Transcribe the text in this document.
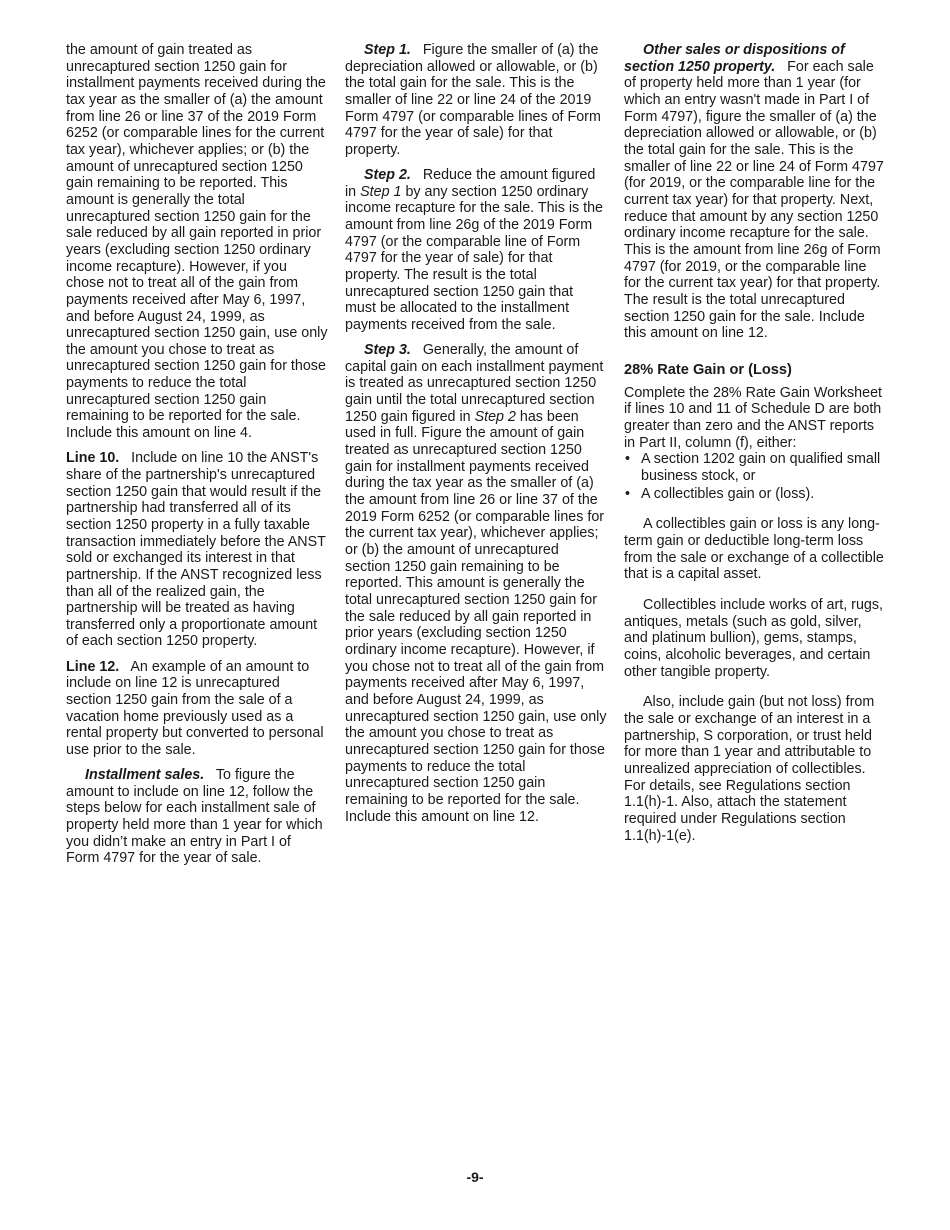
the amount of gain treated as unrecaptured section 1250 gain for installment payments received during the tax year as the smaller of (a) the amount from line 26 or line 37 of the 2019 Form 6252 (or comparable lines for the current tax year), whichever applies; or (b) the amount of unrecaptured section 1250 gain remaining to be reported. This amount is generally the total unrecaptured section 1250 gain for the sale reduced by all gain reported in prior years (excluding section 1250 ordinary income recapture). However, if you chose not to treat all of the gain from payments received after May 6, 1997, and before August 24, 1999, as unrecaptured section 1250 gain, use only the amount you chose to treat as unrecaptured section 1250 gain for those payments to reduce the total unrecaptured section 1250 gain remaining to be reported for the sale. Include this amount on line 4.

Line 10. Include on line 10 the ANST's share of the partnership's unrecaptured section 1250 gain that would result if the partnership had transferred all of its section 1250 property in a fully taxable transaction immediately before the ANST sold or exchanged its interest in that partnership. If the ANST recognized less than all of the realized gain, the partnership will be treated as having transferred only a proportionate amount of each section 1250 property.

Line 12. An example of an amount to include on line 12 is unrecaptured section 1250 gain from the sale of a vacation home previously used as a rental property but converted to personal use prior to the sale.

Installment sales. To figure the amount to include on line 12, follow the steps below for each installment sale of property held more than 1 year for which you didn’t make an entry in Part I of Form 4797 for the year of sale.

Step 1. Figure the smaller of (a) the depreciation allowed or allowable, or (b) the total gain for the sale. This is the smaller of line 22 or line 24 of the 2019 Form 4797 (or comparable lines of Form 4797 for the year of sale) for that property.

Step 2. Reduce the amount figured in Step 1 by any section 1250 ordinary income recapture for the sale. This is the amount from line 26g of the 2019 Form 4797 (or the comparable line of Form 4797 for the year of sale) for that property. The result is the total unrecaptured section 1250 gain that must be allocated to the installment payments received from the sale.

Step 3. Generally, the amount of capital gain on each installment payment is treated as unrecaptured section 1250 gain until the total unrecaptured section 1250 gain figured in Step 2 has been used in full. Figure the amount of gain treated as unrecaptured section 1250 gain for installment payments received during the tax year as the smaller of (a) the amount from line 26 or line 37 of the 2019 Form 6252 (or comparable lines for the current tax year), whichever applies; or (b) the amount of unrecaptured section 1250 gain remaining to be reported. This amount is generally the total unrecaptured section 1250 gain for the sale reduced by all gain reported in prior years (excluding section 1250 ordinary income recapture). However, if you chose not to treat all of the gain from payments received after May 6, 1997, and before August 24, 1999, as unrecaptured section 1250 gain, use only the amount you chose to treat as unrecaptured section 1250 gain for those payments to reduce the total unrecaptured section 1250 gain remaining to be reported for the sale. Include this amount on line 12.

Other sales or dispositions of section 1250 property. For each sale of property held more than 1 year (for which an entry wasn't made in Part I of Form 4797), figure the smaller of (a) the depreciation allowed or allowable, or (b) the total gain for the sale. This is the smaller of line 22 or line 24 of Form 4797 (for 2019, or the comparable line for the current tax year) for that property. Next, reduce that amount by any section 1250 ordinary income recapture for the sale. This is the amount from line 26g of Form 4797 (for 2019, or the comparable line for the current tax year) for that property. The result is the total unrecaptured section 1250 gain for the sale. Include this amount on line 12.

28% Rate Gain or (Loss)

Complete the 28% Rate Gain Worksheet if lines 10 and 11 of Schedule D are both greater than zero and the ANST reports in Part II, column (f), either:

• A section 1202 gain on qualified small business stock, or
• A collectibles gain or (loss).

A collectibles gain or loss is any long-term gain or deductible long-term loss from the sale or exchange of a collectible that is a capital asset.

Collectibles include works of art, rugs, antiques, metals (such as gold, silver, and platinum bullion), gems, stamps, coins, alcoholic beverages, and certain other tangible property.

Also, include gain (but not loss) from the sale or exchange of an interest in a partnership, S corporation, or trust held for more than 1 year and attributable to unrealized appreciation of collectibles. For details, see Regulations section 1.1(h)-1. Also, attach the statement required under Regulations section 1.1(h)-1(e).

-9-
